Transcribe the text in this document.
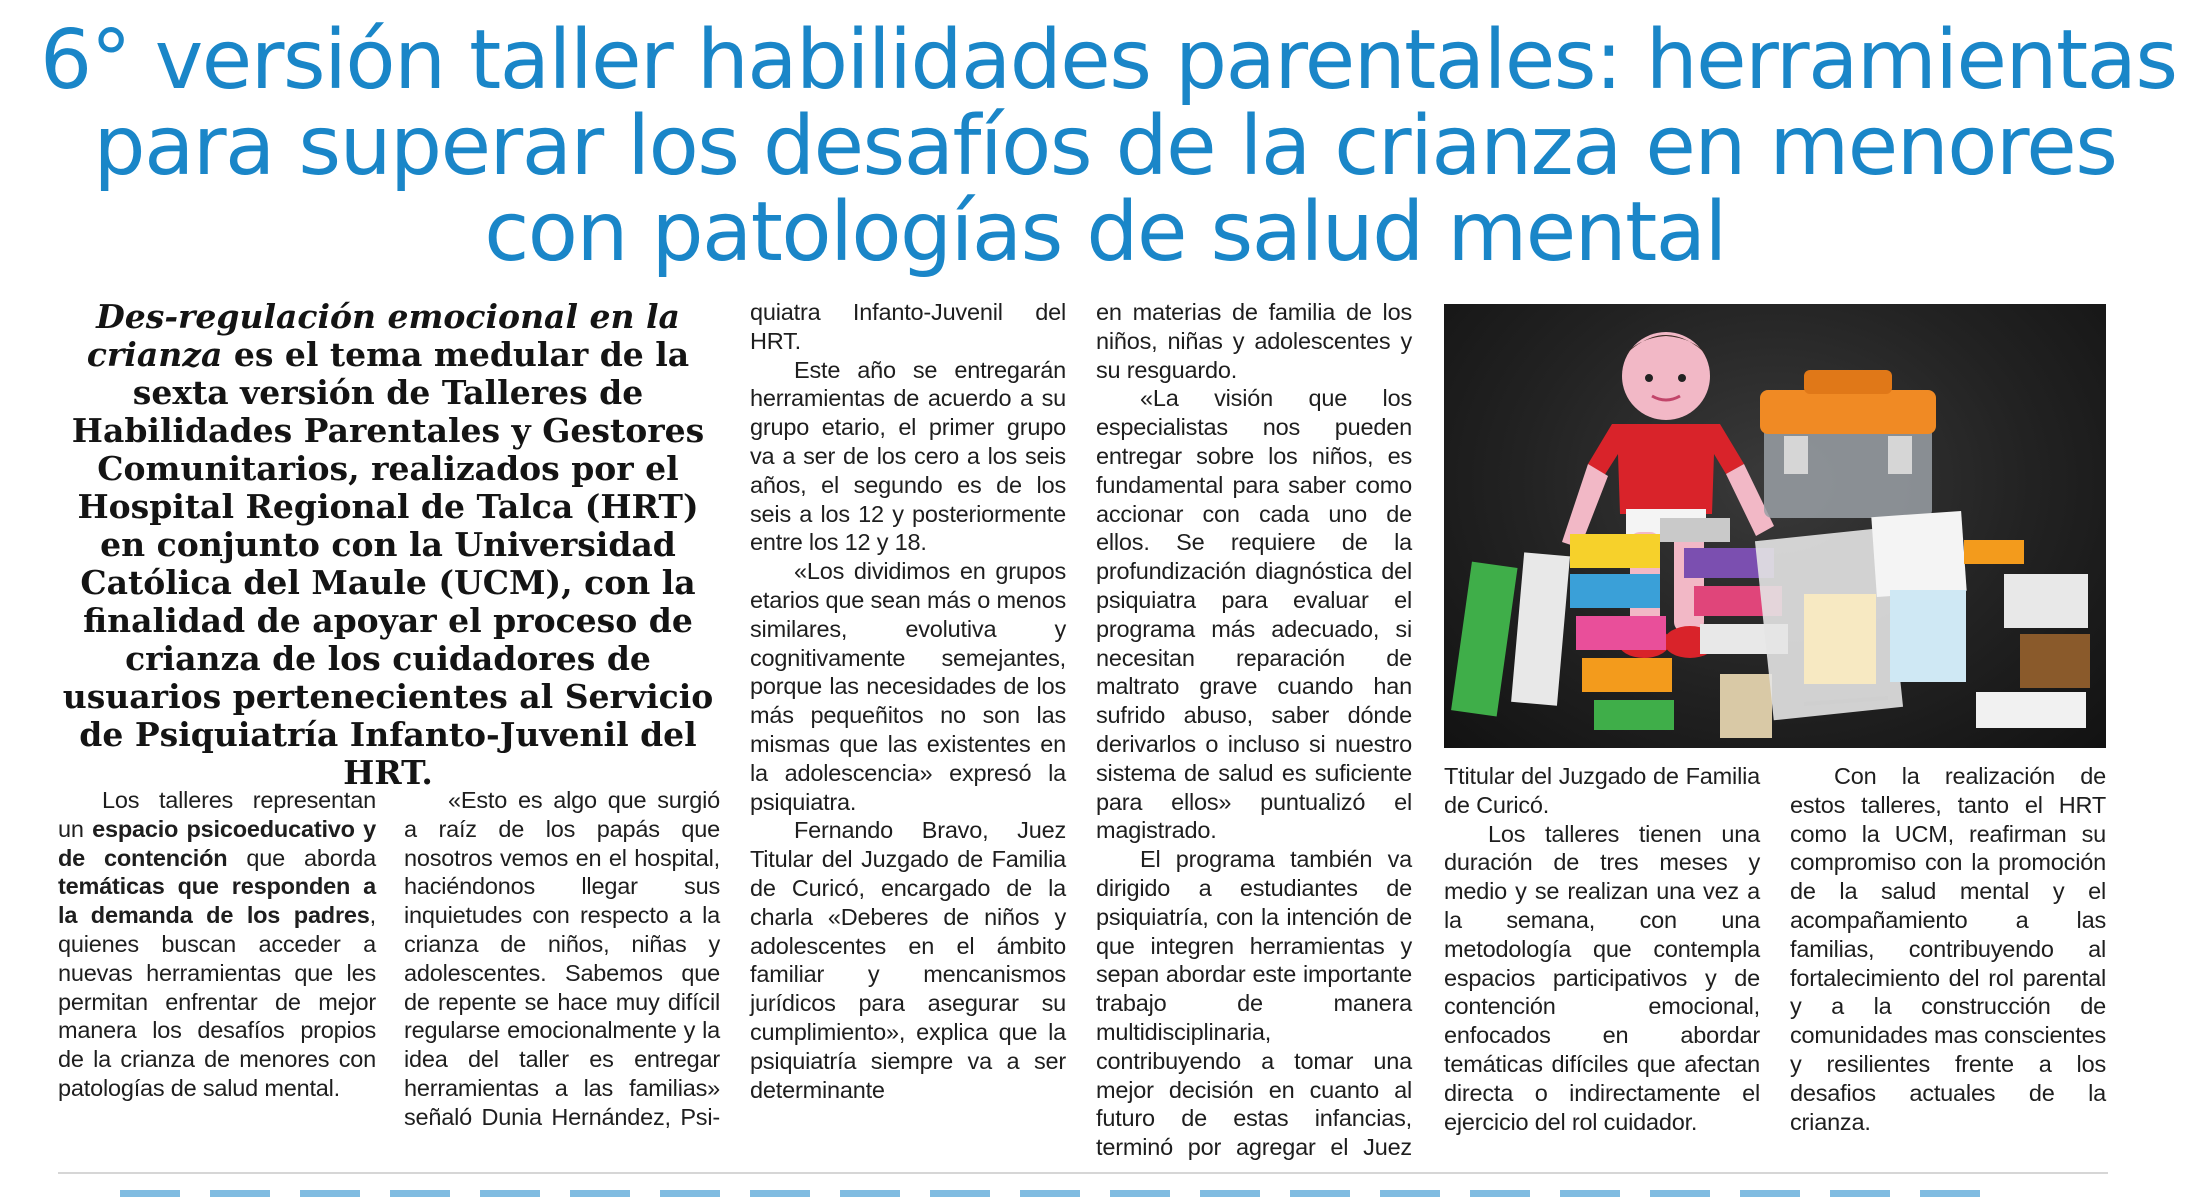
6° versión taller habilidades parentales: herramientas
para superar los desafíos de la crianza en menores
con patologías de salud mental
Des-regulación emocional en la crianza es el tema medular de la sexta versión de Talleres de Habilidades Parentales y Gestores Comunitarios, realizados por el Hospital Regional de Talca (HRT) en conjunto con la Universidad Católica del Maule (UCM), con la finalidad de apoyar el proceso de crianza de los cuidadores de usuarios pertenecientes al Servicio de Psiquiatría Infanto-Juvenil del HRT.
Los talleres representan un espacio psicoeducativo y de contención que aborda temáticas que responden a la demanda de los padres, quienes buscan acceder a nuevas herramientas que les permitan enfrentar de mejor manera los desafíos propios de la crianza de menores con patologías de salud mental.
«Esto es algo que surgió a raíz de los papás que nosotros vemos en el hospital, haciéndonos llegar sus inquietudes con respecto a la crianza de niños, niñas y adolescentes. Sabemos que de repente se hace muy difícil regularse emocionalmente y la idea del taller es entregar herramientas a las familias» señaló Dunia Hernández, Psi-
quiatra Infanto-Juvenil del HRT.
Este año se entregarán herramientas de acuerdo a su grupo etario, el primer grupo va a ser de los cero a los seis años, el segundo es de los seis a los 12 y posteriormente entre los 12 y 18.
«Los dividimos en grupos etarios que sean más o menos similares, evolutiva y cognitivamente semejantes, porque las necesidades de los más pequeñitos no son las mismas que las existentes en la adolescencia» expresó la psiquiatra.
Fernando Bravo, Juez Titular del Juzgado de Familia de Curicó, encargado de la charla «Deberes de niños y adolescentes en el ámbito familiar y mencanismos jurídicos para asegurar su cumplimiento», explica que la psiquiatría siempre va a ser determinante
en materias de familia de los niños, niñas y adolescentes y su resguardo.
«La visión que los especialistas nos pueden entregar sobre los niños, es fundamental para saber como accionar con cada uno de ellos. Se requiere de la profundización diagnóstica del psiquiatra para evaluar el programa más adecuado, si necesitan reparación de maltrato grave cuando han sufrido abuso, saber dónde derivarlos o incluso si nuestro sistema de salud es suficiente para ellos» puntualizó el magistrado.
El programa también va dirigido a estudiantes de psiquiatría, con la intención de que integren herramientas y sepan abordar este importante trabajo de manera multidisciplinaria, contribuyendo a tomar una mejor decisión en cuanto al futuro de estas infancias, terminó por agregar el Juez
Ttitular del Juzgado de Familia de Curicó.
Los talleres tienen una duración de tres meses y medio y se realizan una vez a la semana, con una metodología que contempla espacios participativos y de contención emocional, enfocados en abordar temáticas difíciles que afectan directa o indirectamente el ejercicio del rol cuidador.
Con la realización de estos talleres, tanto el HRT como la UCM, reafirman su compromiso con la promoción de la salud mental y el acompañamiento a las familias, contribuyendo al fortalecimiento del rol parental y a la construcción de comunidades mas conscientes y resilientes frente a los desafios actuales de la crianza.
